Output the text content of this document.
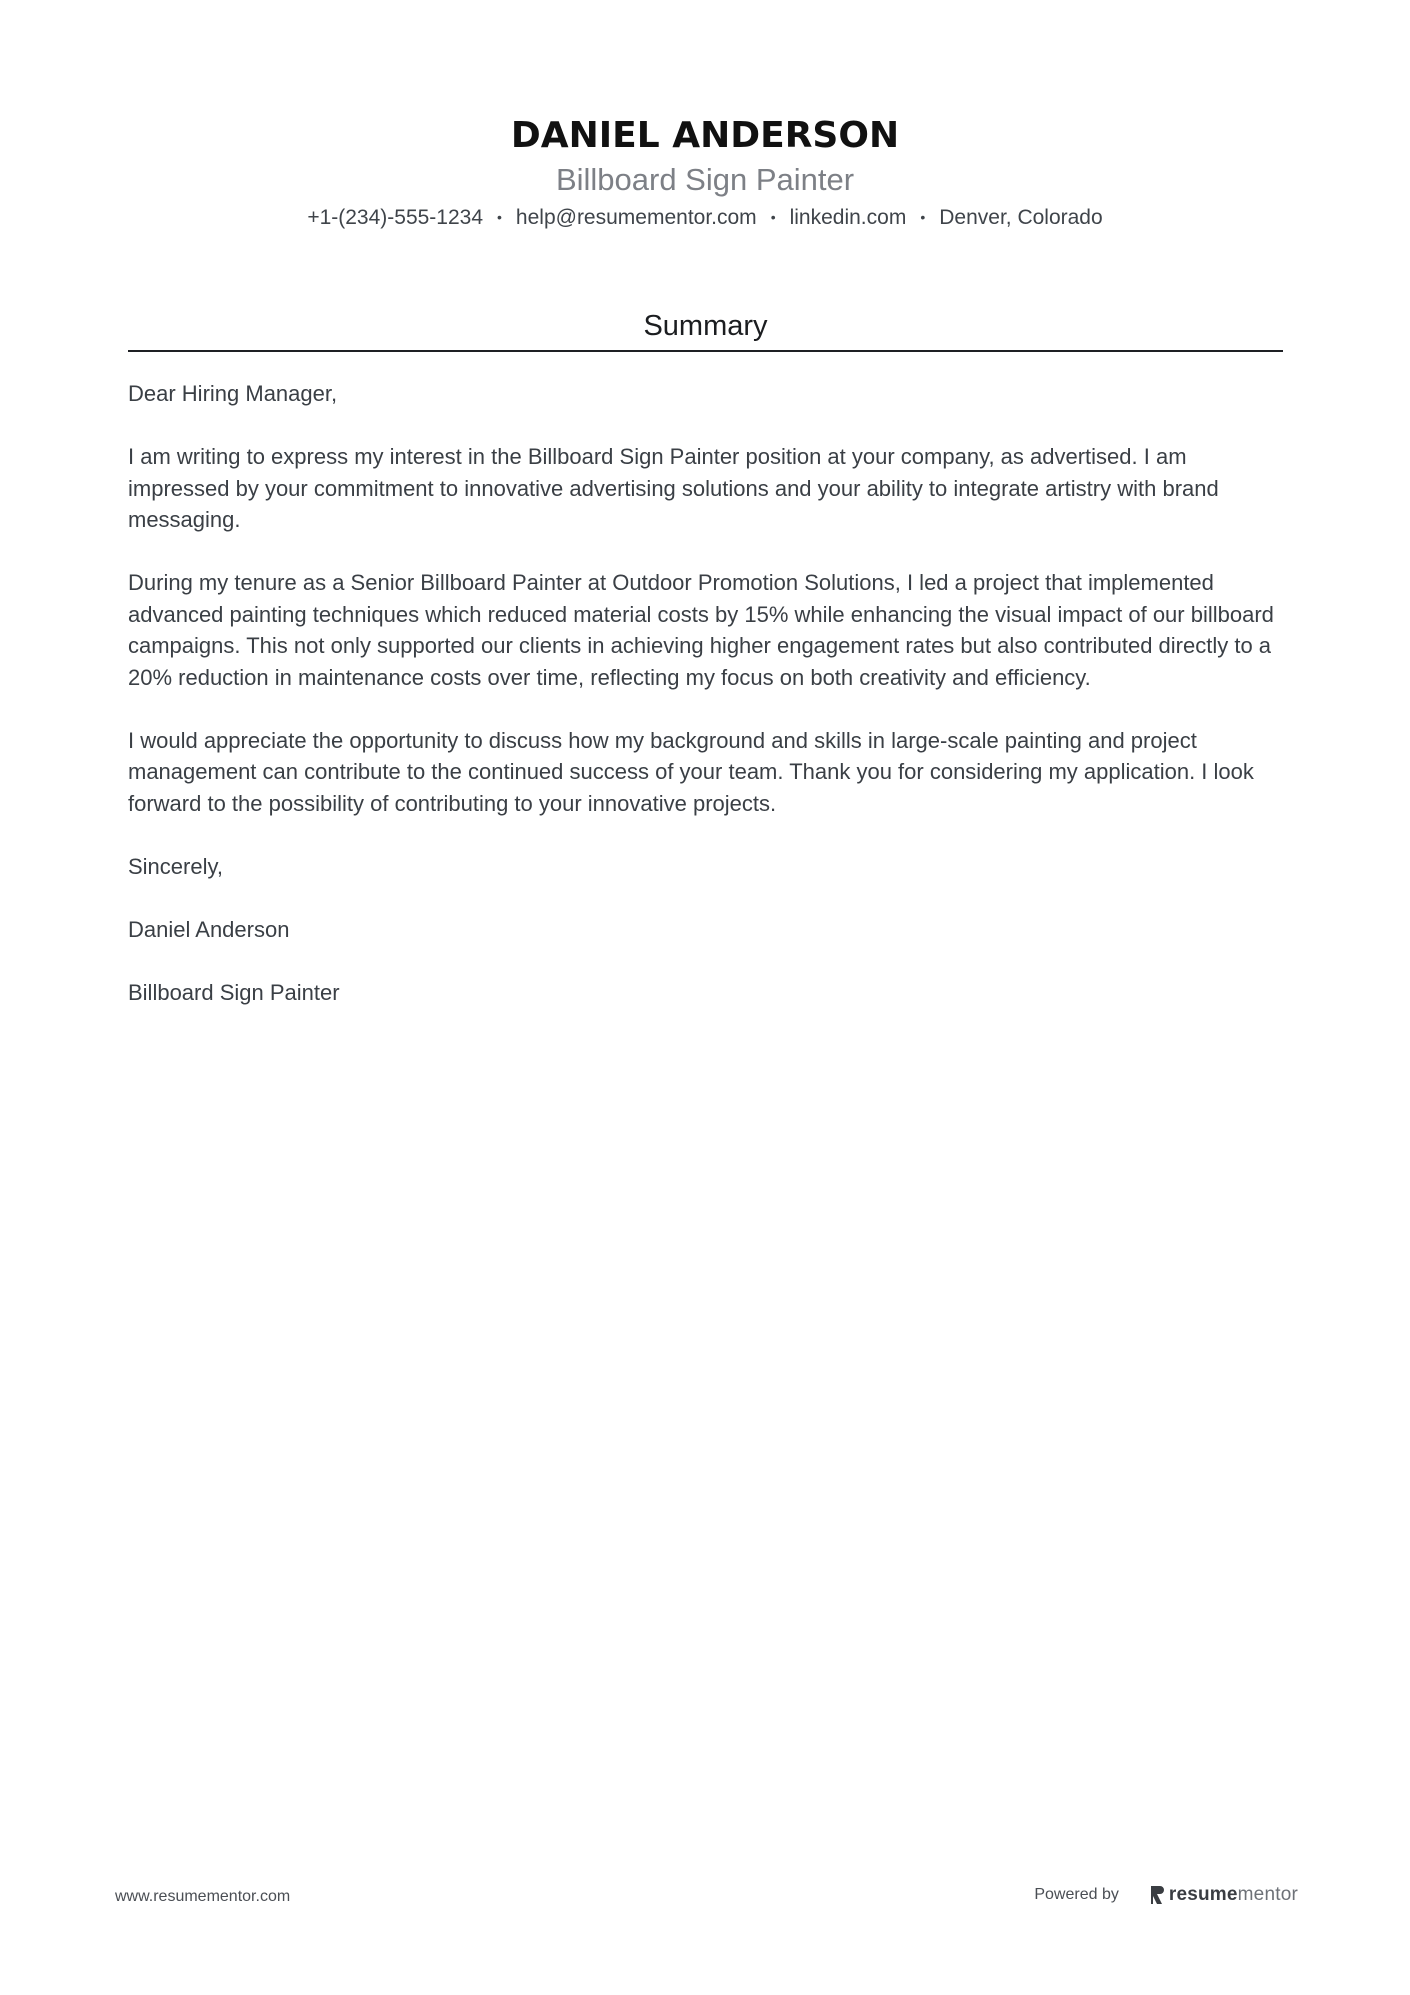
DANIEL ANDERSON
Billboard Sign Painter
+1-(234)-555-1234 • help@resumementor.com • linkedin.com • Denver, Colorado
Summary

Dear Hiring Manager,

I am writing to express my interest in the Billboard Sign Painter position at your company, as advertised. I am impressed by your commitment to innovative advertising solutions and your ability to integrate artistry with brand messaging.

During my tenure as a Senior Billboard Painter at Outdoor Promotion Solutions, I led a project that implemented advanced painting techniques which reduced material costs by 15% while enhancing the visual impact of our billboard campaigns. This not only supported our clients in achieving higher engagement rates but also contributed directly to a 20% reduction in maintenance costs over time, reflecting my focus on both creativity and efficiency.

I would appreciate the opportunity to discuss how my background and skills in large-scale painting and project management can contribute to the continued success of your team. Thank you for considering my application. I look forward to the possibility of contributing to your innovative projects.

Sincerely,

Daniel Anderson

Billboard Sign Painter

www.resumementor.com	Powered by	resume mentor
